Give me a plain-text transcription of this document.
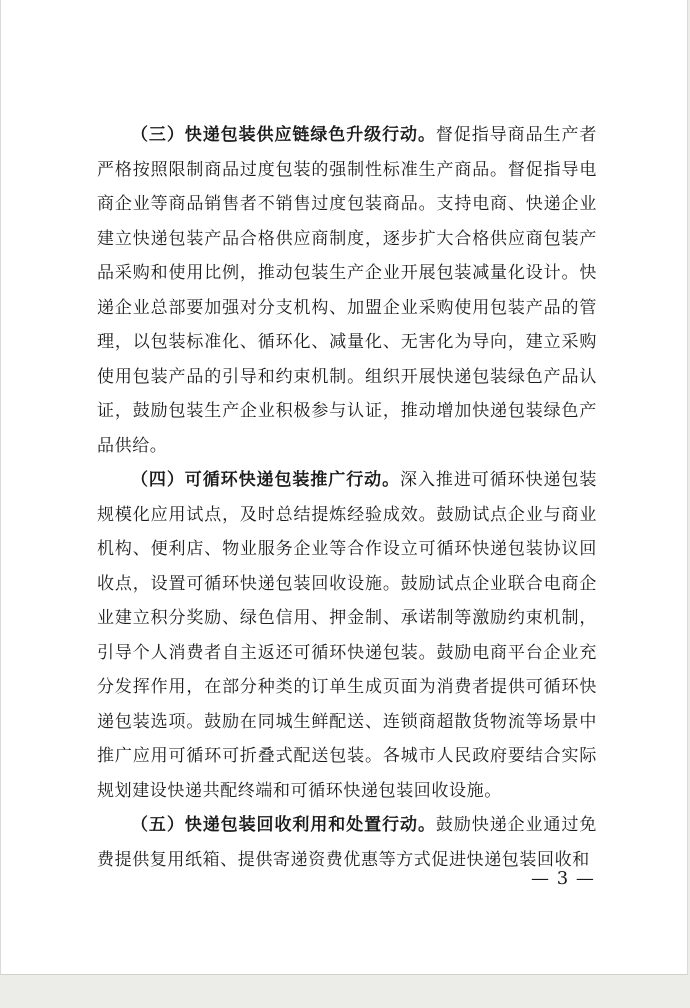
（三）快递包装供应链绿色升级行动。督促指导商品生产者严格按照限制商品过度包装的强制性标准生产商品。督促指导电商企业等商品销售者不销售过度包装商品。支持电商、快递企业建立快递包装产品合格供应商制度，逐步扩大合格供应商包装产品采购和使用比例，推动包装生产企业开展包装减量化设计。快递企业总部要加强对分支机构、加盟企业采购使用包装产品的管理，以包装标准化、循环化、减量化、无害化为导向，建立采购使用包装产品的引导和约束机制。组织开展快递包装绿色产品认证，鼓励包装生产企业积极参与认证，推动增加快递包装绿色产品供给。

（四）可循环快递包装推广行动。深入推进可循环快递包装规模化应用试点，及时总结提炼经验成效。鼓励试点企业与商业机构、便利店、物业服务企业等合作设立可循环快递包装协议回收点，设置可循环快递包装回收设施。鼓励试点企业联合电商企业建立积分奖励、绿色信用、押金制、承诺制等激励约束机制，引导个人消费者自主返还可循环快递包装。鼓励电商平台企业充分发挥作用，在部分种类的订单生成页面为消费者提供可循环快递包装选项。鼓励在同城生鲜配送、连锁商超散货物流等场景中推广应用可循环可折叠式配送包装。各城市人民政府要结合实际规划建设快递共配终端和可循环快递包装回收设施。

（五）快递包装回收利用和处置行动。鼓励快递企业通过免费提供复用纸箱、提供寄递资费优惠等方式促进快递包装回收和

— 3 —
